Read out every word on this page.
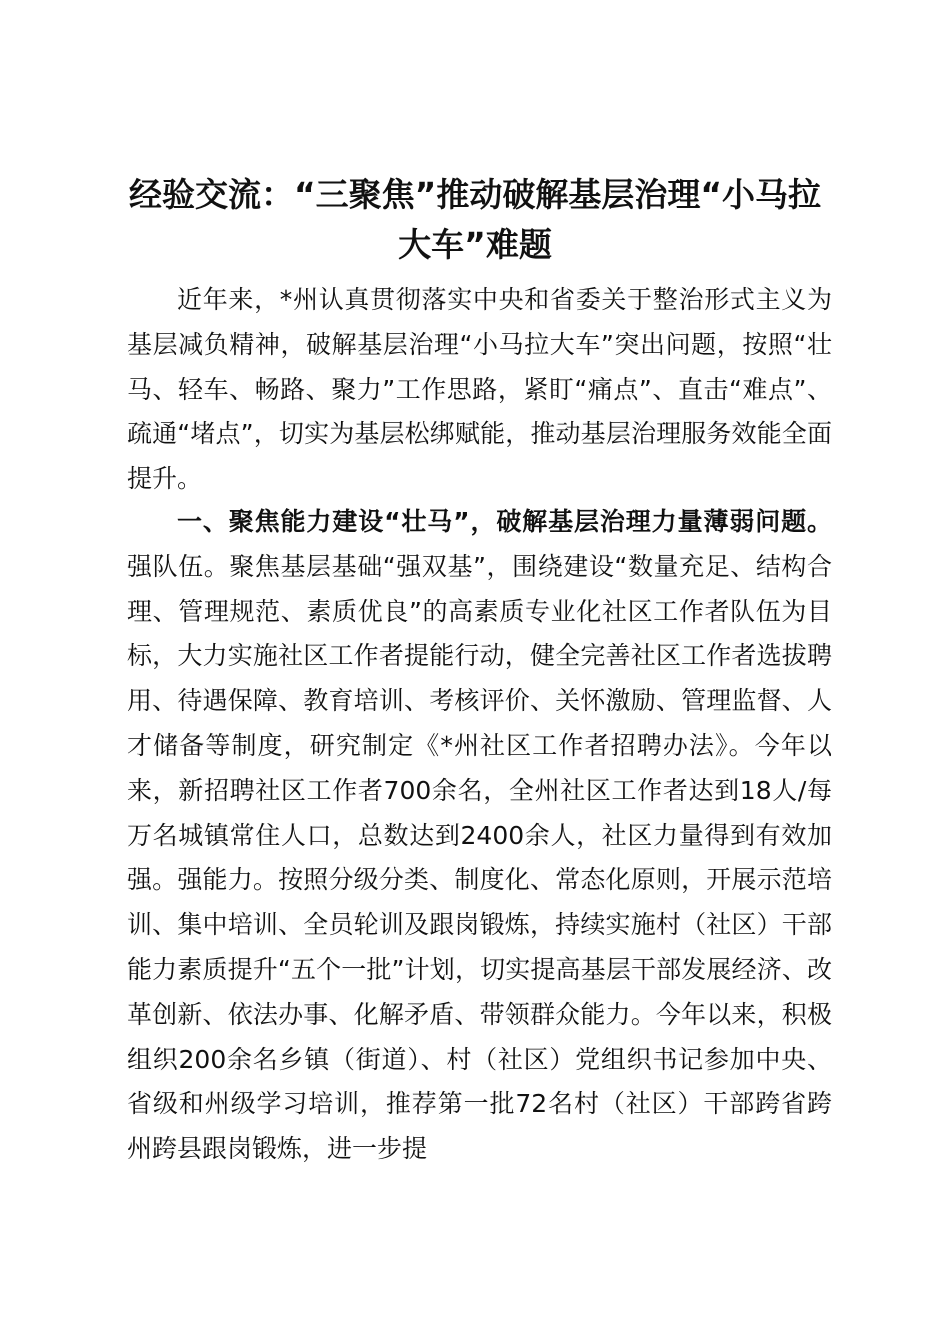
经验交流：“三聚焦”推动破解基层治理“小马拉大车”难题

近年来，*州认真贯彻落实中央和省委关于整治形式主义为基层减负精神，破解基层治理“小马拉大车”突出问题，按照“壮马、轻车、畅路、聚力”工作思路，紧盯“痛点”、直击“难点”、疏通“堵点”，切实为基层松绑赋能，推动基层治理服务效能全面提升。

一、聚焦能力建设“壮马”，破解基层治理力量薄弱问题。强队伍。聚焦基层基础“强双基”，围绕建设“数量充足、结构合理、管理规范、素质优良”的高素质专业化社区工作者队伍为目标，大力实施社区工作者提能行动，健全完善社区工作者选拔聘用、待遇保障、教育培训、考核评价、关怀激励、管理监督、人才储备等制度，研究制定《*州社区工作者招聘办法》。今年以来，新招聘社区工作者700余名，全州社区工作者达到18人/每万名城镇常住人口，总数达到2400余人，社区力量得到有效加强。强能力。按照分级分类、制度化、常态化原则，开展示范培训、集中培训、全员轮训及跟岗锻炼，持续实施村（社区）干部能力素质提升“五个一批”计划，切实提高基层干部发展经济、改革创新、依法办事、化解矛盾、带领群众能力。今年以来，积极组织200余名乡镇（街道）、村（社区）党组织书记参加中央、省级和州级学习培训，推荐第一批72名村（社区）干部跨省跨州跨县跟岗锻炼，进一步提
